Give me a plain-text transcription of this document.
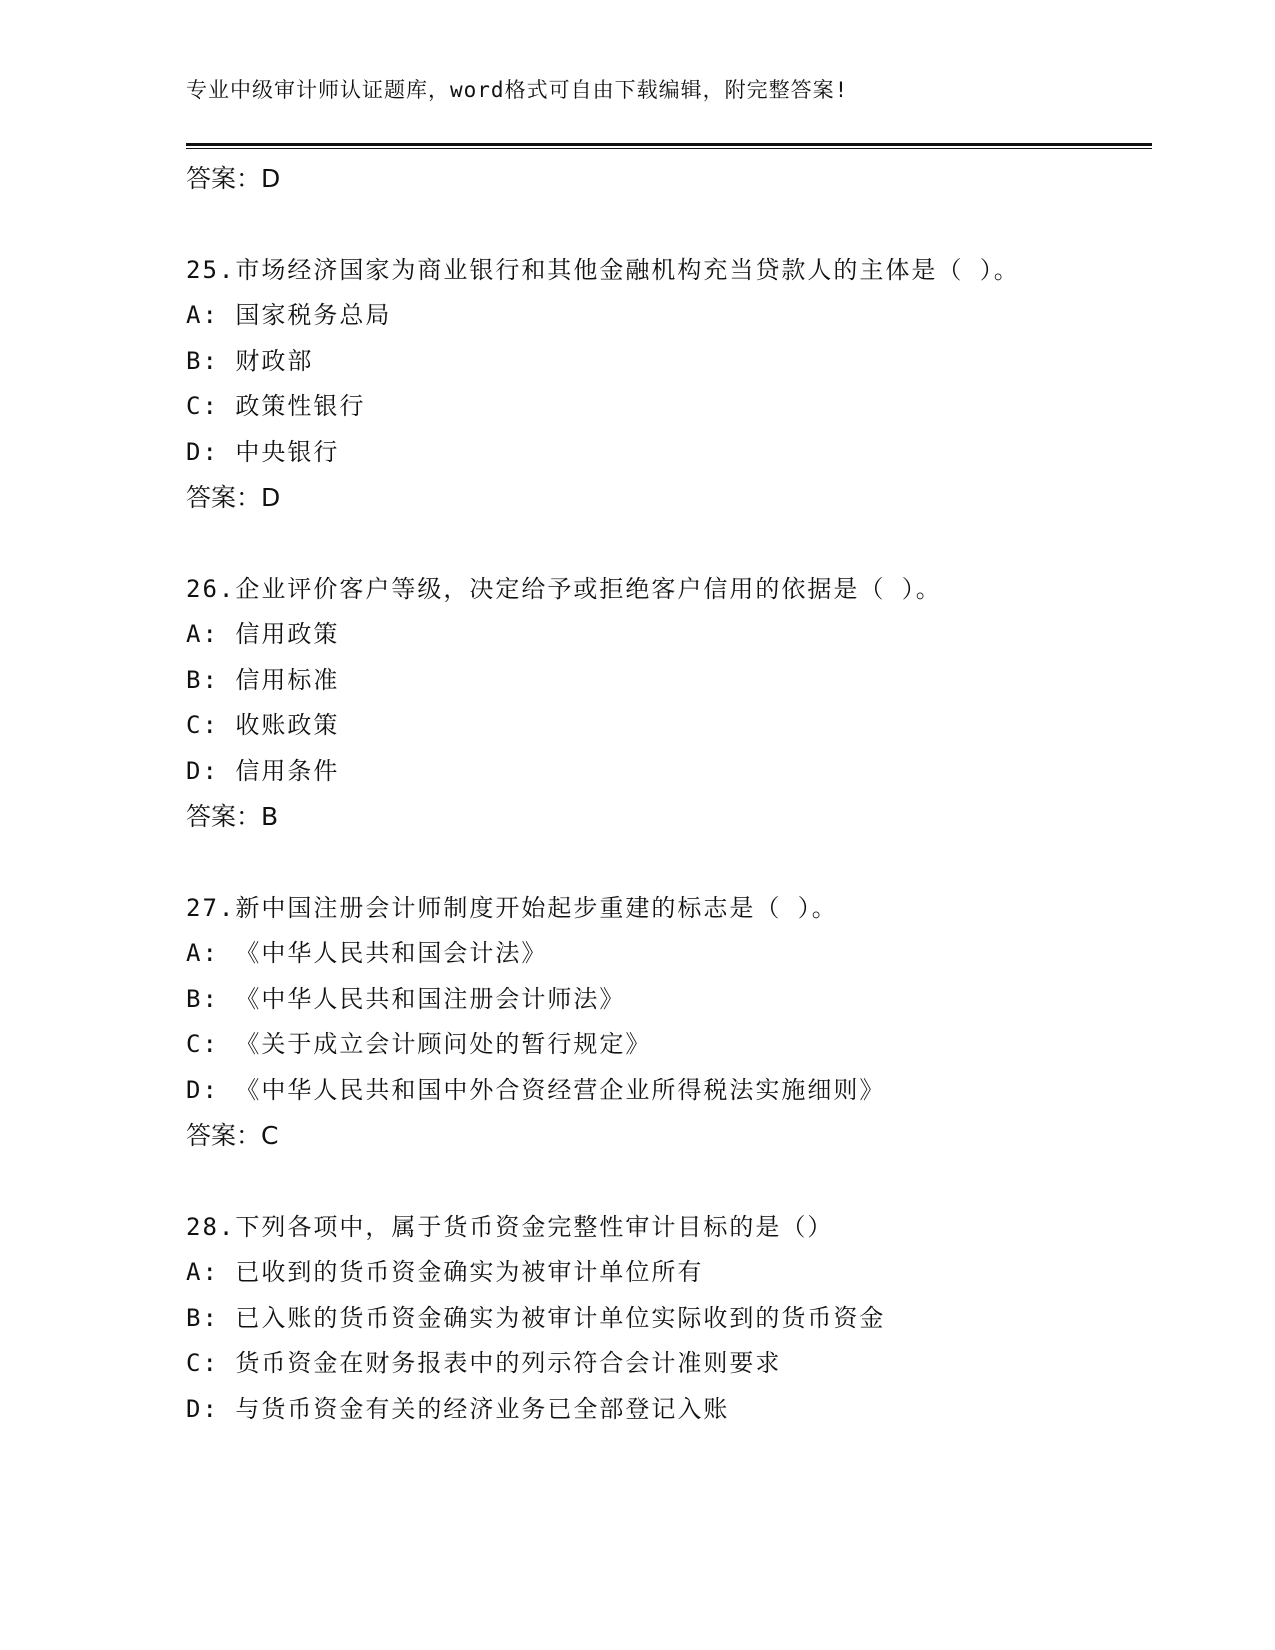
专业中级审计师认证题库，word格式可自由下载编辑，附完整答案!
答案：D
25.市场经济国家为商业银行和其他金融机构充当贷款人的主体是（ ）。
A: 国家税务总局
B: 财政部
C: 政策性银行
D: 中央银行
答案：D
26.企业评价客户等级，决定给予或拒绝客户信用的依据是（ ）。
A: 信用政策
B: 信用标准
C: 收账政策
D: 信用条件
答案：B
27.新中国注册会计师制度开始起步重建的标志是（ ）。
A: 《中华人民共和国会计法》
B: 《中华人民共和国注册会计师法》
C: 《关于成立会计顾问处的暂行规定》
D: 《中华人民共和国中外合资经营企业所得税法实施细则》
答案：C
28.下列各项中，属于货币资金完整性审计目标的是（）
A: 已收到的货币资金确实为被审计单位所有
B: 已入账的货币资金确实为被审计单位实际收到的货币资金
C: 货币资金在财务报表中的列示符合会计准则要求
D: 与货币资金有关的经济业务已全部登记入账
